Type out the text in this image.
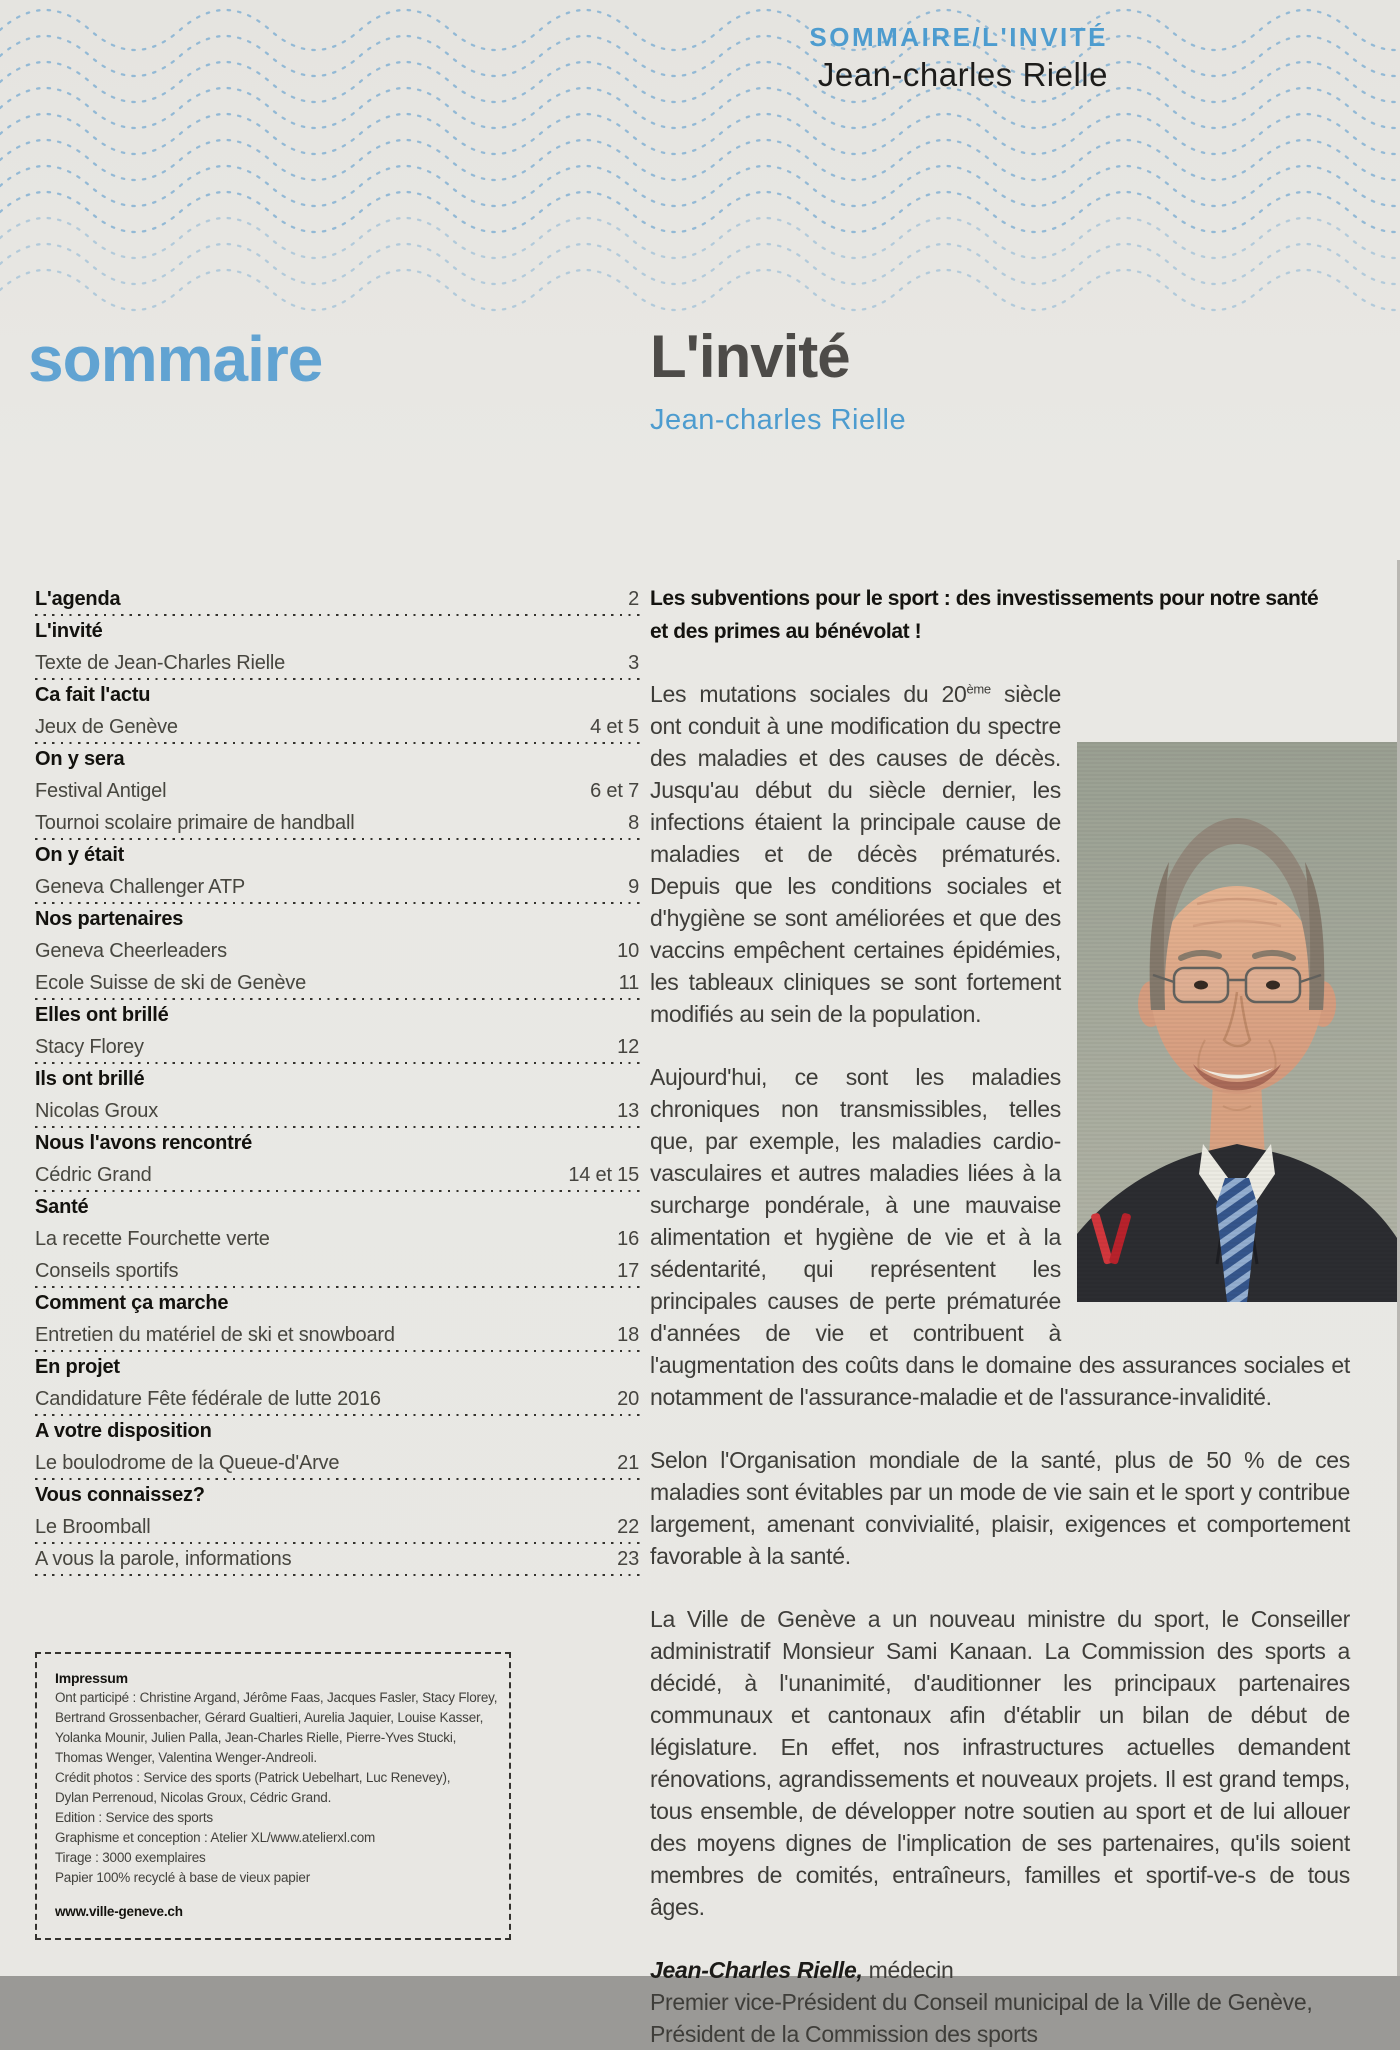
SOMMAIRE/L'INVITÉ
Jean-charles Rielle
sommaire
L'agenda	2
L'invité
Texte de Jean-Charles Rielle	3
Ca fait l'actu
Jeux de Genève	4 et 5
On y sera
Festival Antigel	6 et 7
Tournoi scolaire primaire de handball	8
On y était
Geneva Challenger ATP	9
Nos partenaires
Geneva Cheerleaders	10
Ecole Suisse de ski de Genève	11
Elles ont brillé
Stacy Florey	12
Ils ont brillé
Nicolas Groux	13
Nous l'avons rencontré
Cédric Grand	14 et 15
Santé
La recette Fourchette verte	16
Conseils sportifs	17
Comment ça marche
Entretien du matériel de ski et snowboard	18
En projet
Candidature Fête fédérale de lutte 2016	20
A votre disposition
Le boulodrome de la Queue-d'Arve	21
Vous connaissez?
Le Broomball	22
A vous la parole, informations	23
Impressum
Ont participé : Christine Argand, Jérôme Faas, Jacques Fasler, Stacy Florey,
Bertrand Grossenbacher, Gérard Gualtieri, Aurelia Jaquier, Louise Kasser,
Yolanka Mounir, Julien Palla, Jean-Charles Rielle, Pierre-Yves Stucki,
Thomas Wenger, Valentina Wenger-Andreoli.
Crédit photos : Service des sports (Patrick Uebelhart, Luc Renevey),
Dylan Perrenoud, Nicolas Groux, Cédric Grand.
Edition : Service des sports
Graphisme et conception : Atelier XL/www.atelierxl.com
Tirage : 3000 exemplaires
Papier 100% recyclé à base de vieux papier
www.ville-geneve.ch
L'invité
Jean-charles Rielle
Les subventions pour le sport : des investissements pour notre santé
et des primes au bénévolat !

Les mutations sociales du 20ème siècle ont conduit à une modification du spectre des maladies et des causes de décès. Jusqu'au début du siècle dernier, les infections étaient la principale cause de maladies et de décès prématurés. Depuis que les conditions sociales et d'hygiène se sont améliorées et que des vaccins empêchent certaines épidémies, les tableaux cliniques se sont fortement modifiés au sein de la population.

Aujourd'hui, ce sont les maladies chroniques non transmissibles, telles que, par exemple, les maladies cardio-vasculaires et autres maladies liées à la surcharge pondérale, à une mauvaise alimentation et hygiène de vie et à la sédentarité, qui représentent les principales causes de perte prématurée d'années de vie et contribuent à l'augmentation des coûts dans le domaine des assurances sociales et notamment de l'assurance-maladie et de l'assurance-invalidité.

Selon l'Organisation mondiale de la santé, plus de 50 % de ces maladies sont évitables par un mode de vie sain et le sport y contribue largement, amenant convivialité, plaisir, exigences et comportement favorable à la santé.

La Ville de Genève a un nouveau ministre du sport, le Conseiller administratif Monsieur Sami Kanaan. La Commission des sports a décidé, à l'unanimité, d'auditionner les principaux partenaires communaux et cantonaux afin d'établir un bilan de début de législature. En effet, nos infrastructures actuelles demandent rénovations, agrandissements et nouveaux projets. Il est grand temps, tous ensemble, de développer notre soutien au sport et de lui allouer des moyens dignes de l'implication de ses partenaires, qu'ils soient membres de comités, entraîneurs, familles et sportif-ve-s de tous âges.

Jean-Charles Rielle, médecin
Premier vice-Président du Conseil municipal de la Ville de Genève,
Président de la Commission des sports
